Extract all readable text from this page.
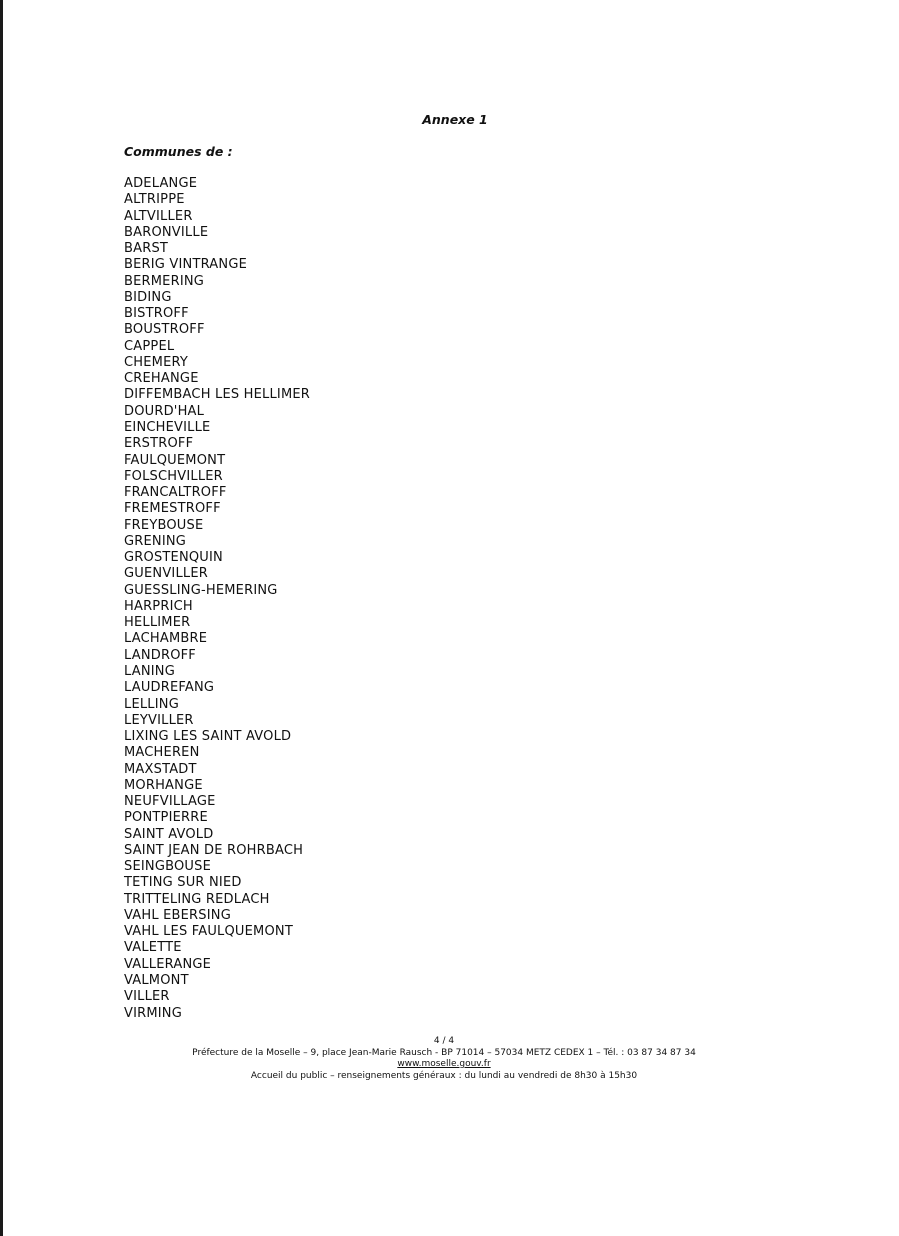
Annexe 1
Communes de :
ADELANGE
ALTRIPPE
ALTVILLER
BARONVILLE
BARST
BERIG VINTRANGE
BERMERING
BIDING
BISTROFF
BOUSTROFF
CAPPEL
CHEMERY
CREHANGE
DIFFEMBACH LES HELLIMER
DOURD'HAL
EINCHEVILLE
ERSTROFF
FAULQUEMONT
FOLSCHVILLER
FRANCALTROFF
FREMESTROFF
FREYBOUSE
GRENING
GROSTENQUIN
GUENVILLER
GUESSLING-HEMERING
HARPRICH
HELLIMER
LACHAMBRE
LANDROFF
LANING
LAUDREFANG
LELLING
LEYVILLER
LIXING LES SAINT AVOLD
MACHEREN
MAXSTADT
MORHANGE
NEUFVILLAGE
PONTPIERRE
SAINT AVOLD
SAINT JEAN DE ROHRBACH
SEINGBOUSE
TETING SUR NIED
TRITTELING REDLACH
VAHL EBERSING
VAHL LES FAULQUEMONT
VALETTE
VALLERANGE
VALMONT
VILLER
VIRMING
4 / 4
Préfecture de la Moselle – 9, place Jean-Marie Rausch - BP 71014 – 57034 METZ CEDEX 1 – Tél. : 03 87 34 87 34
www.moselle.gouv.fr
Accueil du public – renseignements généraux : du lundi au vendredi de 8h30 à 15h30
